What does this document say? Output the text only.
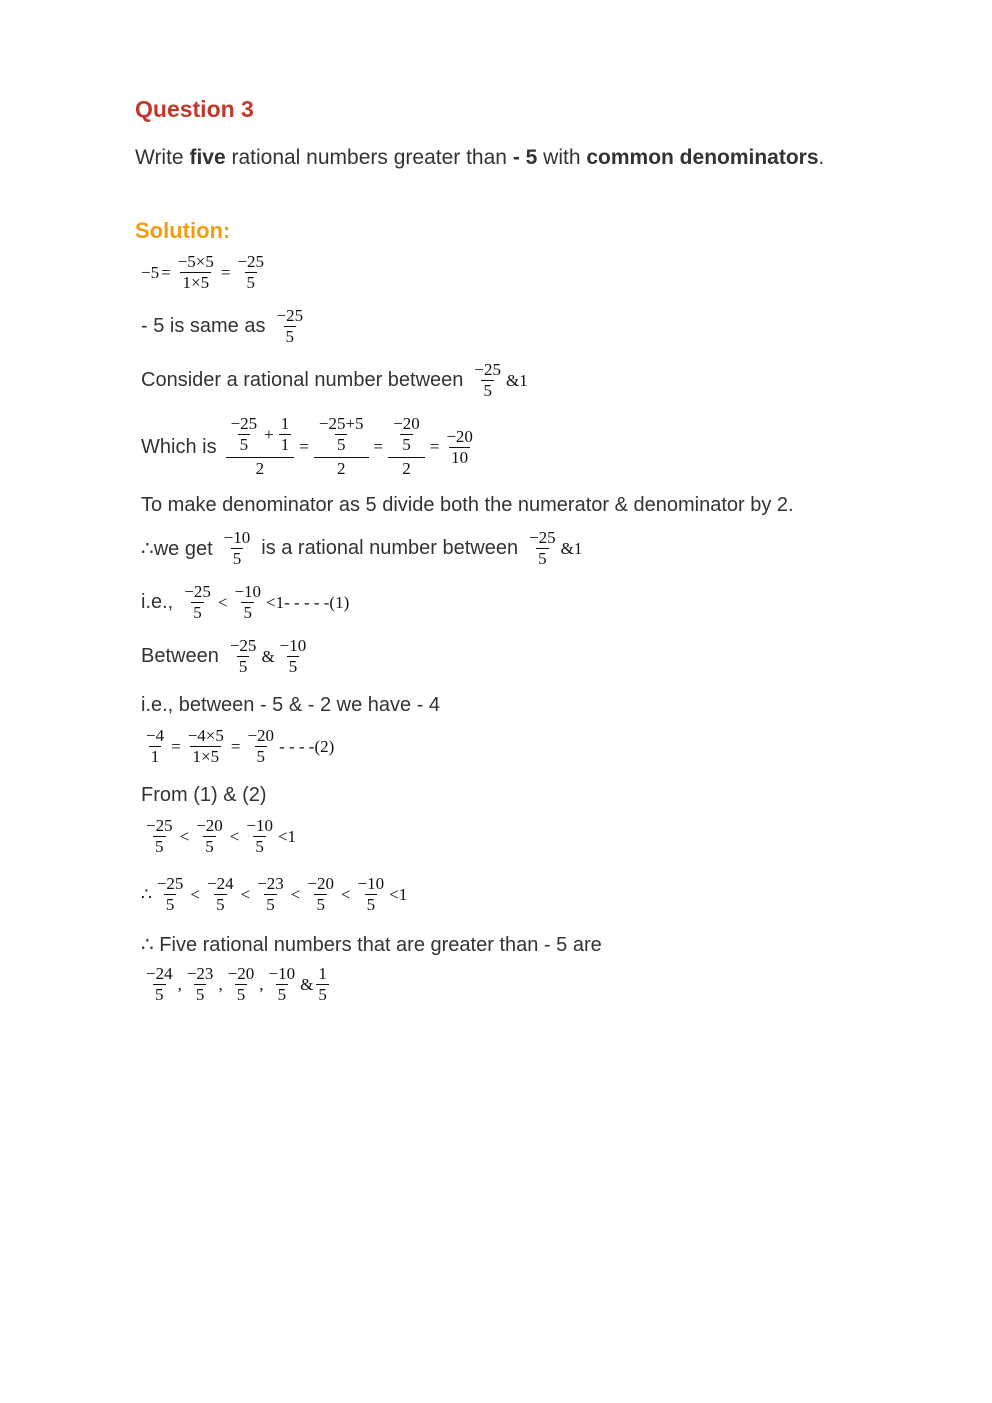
Question 3
Write five rational numbers greater than - 5 with common denominators.
Solution:
$-5 = \frac{-5\times 5}{1\times 5} = \frac{-25}{5}$
- 5 is same as $\frac{-25}{5}$
Consider a rational number between $\frac{-25}{5}$ &1
Which is $\frac{\frac{-25}{5} + \frac{1}{1}}{2} = \frac{\frac{-25+5}{5}}{2} = \frac{\frac{-20}{5}}{2} = \frac{-20}{10}$
To make denominator as 5 divide both the numerator & denominator by 2.
∴we get $\frac{-10}{5}$ is a rational number between $\frac{-25}{5}$ &1
i.e., $\frac{-25}{5} < \frac{-10}{5} <1$ - - - - -(1)
Between $\frac{-25}{5}$ & $\frac{-10}{5}$
i.e., between - 5 & - 2 we have - 4
$\frac{-4}{1} = \frac{-4\times 5}{1\times 5} = \frac{-20}{5}$ - - - -(2)
From (1) & (2)
$\frac{-25}{5} < \frac{-20}{5} < \frac{-10}{5} <1$
∴ $\frac{-25}{5} < \frac{-24}{5} < \frac{-23}{5} < \frac{-20}{5} < \frac{-10}{5} <1$
∴ Five rational numbers that are greater than - 5 are
$\frac{-24}{5}$ , $\frac{-23}{5}$ , $\frac{-20}{5}$ , $\frac{-10}{5}$ & $\frac{1}{5}$
